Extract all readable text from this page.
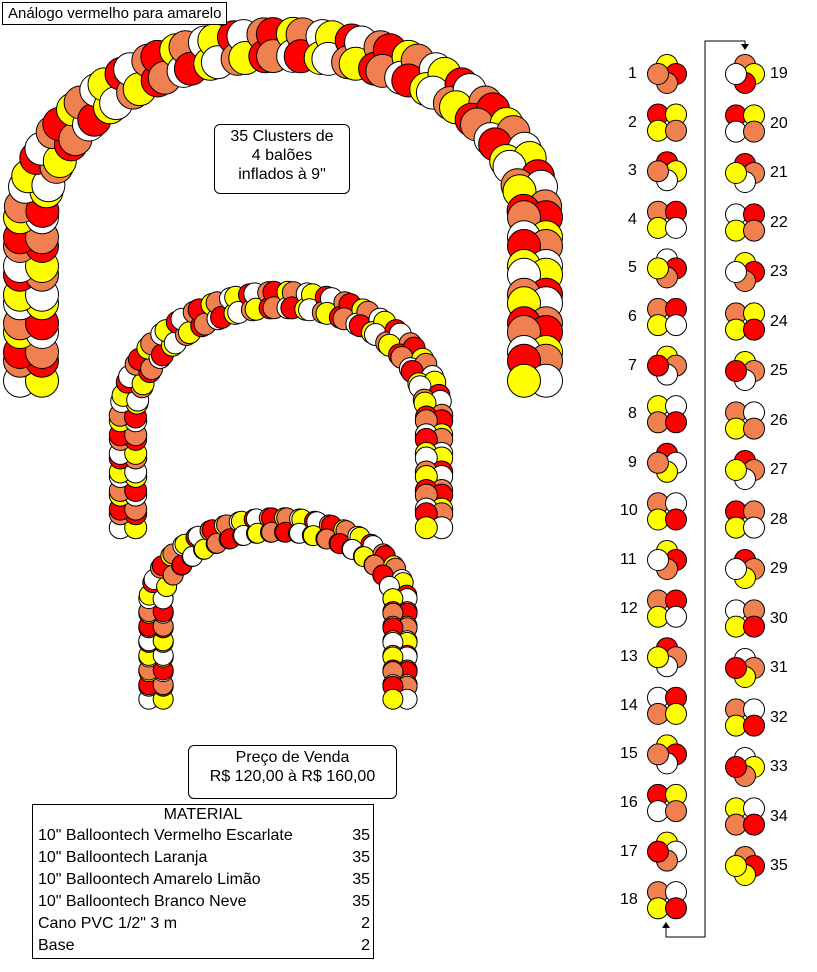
Análogo vermelho para amarelo
35 Clusters de
4 balões
inflados à 9"
Preço de Venda
R$ 120,00 à R$ 160,00
MATERIAL
10" Balloontech Vermelho Escarlate	35
10" Balloontech Laranja	35
10" Balloontech Amarelo Limão	35
10" Balloontech Branco Neve	35
Cano PVC 1/2" 3 m	2
Base	2
1
2
3
4
5
6
7
8
9
10
11
12
13
14
15
16
17
18
19
20
21
22
23
24
25
26
27
28
29
30
31
32
33
34
35
